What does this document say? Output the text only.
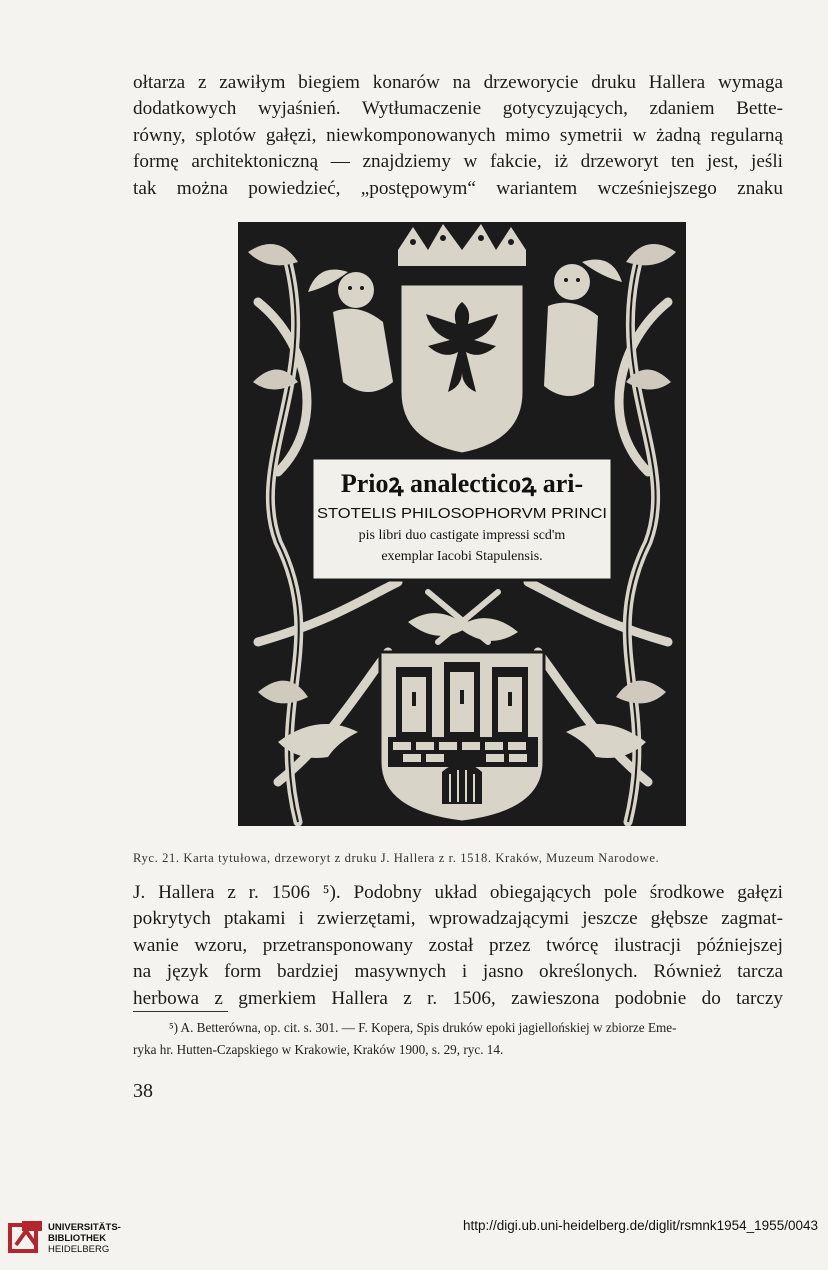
ołtarza z zawiłym biegiem konarów na drzeworycie druku Hallera wymaga
dodatkowych wyjaśnień. Wytłumaczenie gotycyzujących, zdaniem Bette-
równy, splotów gałęzi, niewkomponowanych mimo symetrii w żadną regularną
formę architektoniczną — znajdziemy w fakcie, iż drzeworyt ten jest, jeśli
tak można powiedzieć, „postępowym“ wariantem wcześniejszego znaku

Prioꝝ analecticoꝝ ari-
STOTELIS PHILOSOPHORVM PRINCI
pis libri duo castigate impressi scd'm
exemplar Iacobi Stapulensis.
Ryc. 21. Karta tytułowa, drzeworyt z druku J. Hallera z r. 1518. Kraków, Muzeum Narodowe.

J. Hallera z r. 1506 ⁵). Podobny układ obiegających pole środkowe gałęzi
pokrytych ptakami i zwierzętami, wprowadzającymi jeszcze głębsze zagmat-
wanie wzoru, przetransponowany został przez twórcę ilustracji późniejszej
na język form bardziej masywnych i jasno określonych. Również tarcza
herbowa z gmerkiem Hallera z r. 1506, zawieszona podobnie do tarczy

⁵) A. Betterówna, op. cit. s. 301. — F. Kopera, Spis druków epoki jagiellońskiej w zbiorze Eme-
ryka hr. Hutten-Czapskiego w Krakowie, Kraków 1900, s. 29, ryc. 14.
38
UNIVERSITÄTS-
BIBLIOTHEK
HEIDELBERG
http://digi.ub.uni-heidelberg.de/diglit/rsmnk1954_1955/0043
